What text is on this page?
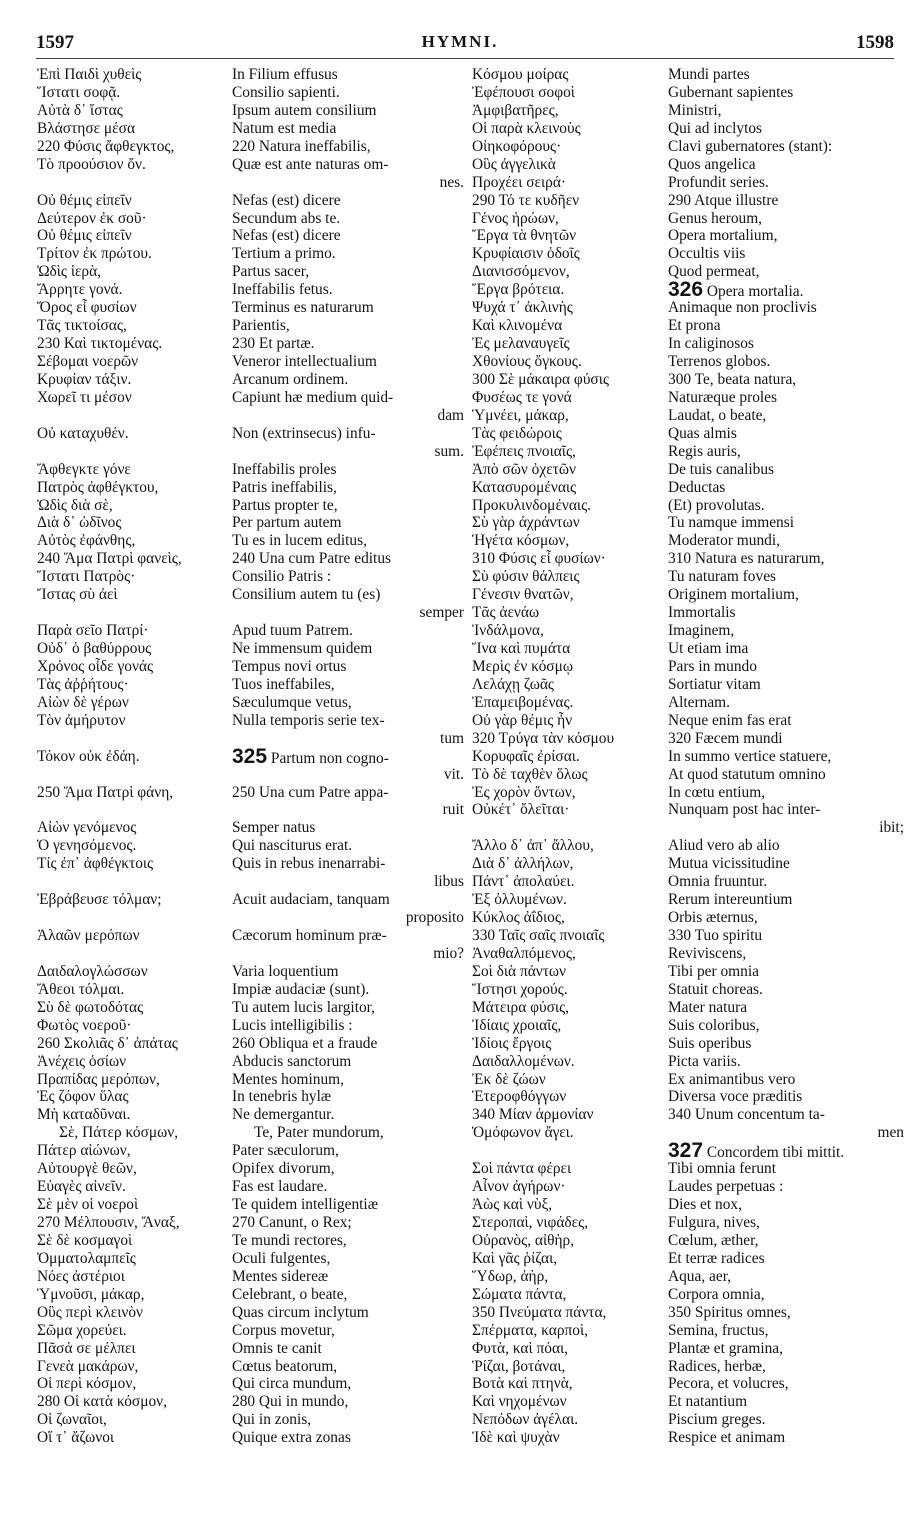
1597	HYMNI.	1598
Ἐπὶ Παιδὶ χυθεὶς
Ἵστατι σοφᾷ.
Αὐτὰ δ᾽ ἴστας
Βλάστησε μέσα
220 Φύσις ἄφθεγκτος,
Τὸ προούσιον ὄν.
Οὐ θέμις εἰπεῖν
Δεύτερον ἐκ σοῦ·
Οὐ θέμις εἰπεῖν
Τρίτον ἐκ πρώτου.
Ὠδὶς ἱερὰ,
Ἄρρητε γονά.
Ὅρος εἶ φυσίων
Τᾶς τικτοίσας,
230 Καὶ τικτομένας.
Σέβομαι νοερῶν
Κρυφίαν τάξιν.
Χωρεῖ τι μέσον
Οὐ καταχυθέν.
Ἄφθεγκτε γόνε
Πατρὸς ἀφθέγκτου,
Ὠδὶς διὰ σὲ,
Διὰ δ᾽ ὠδῖνος
Αὐτὸς ἐφάνθης,
240 Ἅμα Πατρὶ φανεὶς,
Ἵστατι Πατρὸς·
Ἴστας σὺ ἀεὶ
Παρὰ σεῖο Πατρί·
Οὐδ᾽ ὁ βαθύρρους
Χρόνος οἶδε γονάς
Τὰς ἀῤῥήτους·
Αἰὼν δὲ γέρων
Τὸν ἀμήρυτον
Τόκον οὐκ ἐδάη.
250 Ἅμα Πατρὶ φάνη,
Αἰὼν γενόμενος
Ὁ γενησόμενος.
Τίς ἐπ᾽ ἀφθέγκτοις
Ἐβράβευσε τόλμαν;
Ἀλαῶν μερόπων
Δαιδαλογλώσσων
Ἄθεοι τόλμαι.
Σὺ δὲ φωτοδότας
Φωτὸς νοεροῦ·
260 Σκολιᾶς δ᾽ ἀπάτας
Ἀνέχεις ὁσίων
Πραπίδας μερόπων,
Ἐς ζόφον ὕλας
Μὴ καταδῦναι.
Σὲ, Πάτερ κόσμων,
Πάτερ αἰώνων,
Αὐτουργὲ θεῶν,
Εὐαγὲς αἰνεῖν.
Σὲ μὲν οἱ νοεροὶ
270 Μέλπουσιν, Ἄναξ,
Σὲ δὲ κοσμαγοὶ
Ὀμματολαμπεῖς
Νόες ἀστέριοι
Ὑμνοῦσι, μάκαρ,
Οὓς περὶ κλεινὸν
Σῶμα χορεύει.
Πᾶσά σε μέλπει
Γενεὰ μακάρων,
Οἱ περὶ κόσμον,
280 Οἱ κατὰ κόσμον,
Οἱ ζωναῖοι,
Οἵ τ᾽ ἄζωνοι
In Filium effusus
Consilio sapienti.
Ipsum autem consilium
Natum est media
220 Natura ineffabilis,
Quæ est ante naturas om-
nes.
Nefas (est) dicere
Secundum abs te.
Nefas (est) dicere
Tertium a primo.
Partus sacer,
Ineffabilis fetus.
Terminus es naturarum
Parientis,
230 Et partæ.
Veneror intellectualium
Arcanum ordinem.
Capiunt hæ medium quid-
dam
Non (extrinsecus) infu-
sum.
Ineffabilis proles
Patris ineffabilis,
Partus propter te,
Per partum autem
Tu es in lucem editus,
240 Una cum Patre editus
Consilio Patris :
Consilium autem tu (es)
semper
Apud tuum Patrem.
Ne immensum quidem
Tempus novi ortus
Tuos ineffabiles,
Sæculumque vetus,
Nulla temporis serie tex-
tum
325 Partum non cogno-
vit.
250 Una cum Patre appa-
ruit
Semper natus
Qui nasciturus erat.
Quis in rebus inenarrabi-
libus
Acuit audaciam, tanquam
proposito
Cæcorum hominum præ-
mio?
Varia loquentium
Impiæ audaciæ (sunt).
Tu autem lucis largitor,
Lucis intelligibilis :
260 Obliqua et a fraude
Abducis sanctorum
Mentes hominum,
In tenebris hylæ
Ne demergantur.
Te, Pater mundorum,
Pater sæculorum,
Opifex divorum,
Fas est laudare.
Te quidem intelligentiæ
270 Canunt, o Rex;
Te mundi rectores,
Oculi fulgentes,
Mentes sidereæ
Celebrant, o beate,
Quas circum inclytum
Corpus movetur,
Omnis te canit
Cœtus beatorum,
Qui circa mundum,
280 Qui in mundo,
Qui in zonis,
Quique extra zonas
Κόσμου μοίρας
Ἐφέπουσι σοφοὶ
Ἀμφιβατῆρες,
Οἱ παρὰ κλεινοὺς
Οἰηκοφόρους·
Οὓς ἀγγελικὰ
Προχέει σειρά·
290 Τό τε κυδῆεν
Γένος ἡρώων,
Ἔργα τὰ θνητῶν
Κρυφίαισιν ὁδοῖς
Διανισσόμενον,
Ἔργα βρότεια.
Ψυχά τ᾽ ἀκλινὴς
Καὶ κλινομένα
Ἐς μελαναυγεῖς
Χθονίους ὄγκους.
300 Σὲ μάκαιρα φύσις
Φυσέως τε γονά
Ὑμνέει, μάκαρ,
Τὰς φειδώροις
Ἐφέπεις πνοιαῖς,
Ἀπὸ σῶν ὀχετῶν
Κατασυρομέναις
Προκυλινδομέναις.
Σὺ γὰρ ἀχράντων
Ἡγέτα κόσμων,
310 Φύσις εἶ φυσίων·
Σὺ φύσιν θάλπεις
Γένεσιν θνατῶν,
Τᾶς ἀενάω
Ἰνδάλμονα,
Ἵνα καὶ πυμάτα
Μερὶς ἐν κόσμῳ
Λελάχῃ ζωᾶς
Ἐπαμειβομένας.
Οὐ γὰρ θέμις ἦν
320 Τρύγα τὰν κόσμου
Κορυφαῖς ἐρίσαι.
Τὸ δὲ ταχθὲν ὅλως
Ἐς χορὸν ὄντων,
Οὐκέτ᾽ ὄλεῖται·
Ἄλλο δ᾽ ἀπ᾽ ἄλλου,
Διὰ δ᾽ ἀλλήλων,
Πάντ᾽ ἀπολαύει.
Ἐξ ὀλλυμένων.
Κύκλος ἀΐδιος,
330 Ταῖς σαῖς πνοιαῖς
Ἀναθαλπόμενος,
Σοὶ διὰ πάντων
Ἵστησι χορούς.
Μάτειρα φύσις,
Ἰδίαις χροιαῖς,
Ἰδίοις ἔργοις
Δαιδαλλομένων.
Ἐκ δὲ ζώων
Ἑτεροφθόγγων
340 Μίαν ἁρμονίαν
Ὁμόφωνον ἄγει.
Σοὶ πάντα φέρει
Αἶνον ἀγήρων·
Ἀὼς καὶ νὺξ,
Στεροπαὶ, νιφάδες,
Οὐρανὸς, αἰθὴρ,
Καὶ γᾶς ῥίζαι,
Ὕδωρ, ἀὴρ,
Σώματα πάντα,
350 Πνεύματα πάντα,
Σπέρματα, καρποὶ,
Φυτὰ, καὶ πόαι,
Ῥίζαι, βοτάναι,
Βοτὰ καὶ πτηνὰ,
Καὶ νηχομένων
Νεπόδων ἀγέλαι.
Ἰδὲ καὶ ψυχὰν
Mundi partes
Gubernant sapientes
Ministri,
Qui ad inclytos
Clavi gubernatores (stant):
Quos angelica
Profundit series.
290 Atque illustre
Genus heroum,
Opera mortalium,
Occultis viis
Quod permeat,
326 Opera mortalia.
Animaque non proclivis
Et prona
In caliginosos
Terrenos globos.
300 Te, beata natura,
Naturæque proles
Laudat, o beate,
Quas almis
Regis auris,
De tuis canalibus
Deductas
(Et) provolutas.
Tu namque immensi
Moderator mundi,
310 Natura es naturarum,
Tu naturam foves
Originem mortalium,
Immortalis
Imaginem,
Ut etiam ima
Pars in mundo
Sortiatur vitam
Alternam.
Neque enim fas erat
320 Fæcem mundi
In summo vertice statuere,
At quod statutum omnino
In cœtu entium,
Nunquam post hac inter-
ibit;
Aliud vero ab alio
Mutua vicissitudine
Omnia fruuntur.
Rerum intereuntium
Orbis æternus,
330 Tuo spiritu
Reviviscens,
Tibi per omnia
Statuit choreas.
Mater natura
Suis coloribus,
Suis operibus
Picta variis.
Ex animantibus vero
Diversa voce præditis
340 Unum concentum ta-
men
327 Concordem tibi mittit.
Tibi omnia ferunt
Laudes perpetuas :
Dies et nox,
Fulgura, nives,
Cœlum, æther,
Et terræ radices
Aqua, aer,
Corpora omnia,
350 Spiritus omnes,
Semina, fructus,
Plantæ et gramina,
Radices, herbæ,
Pecora, et volucres,
Et natantium
Piscium greges.
Respice et animam
